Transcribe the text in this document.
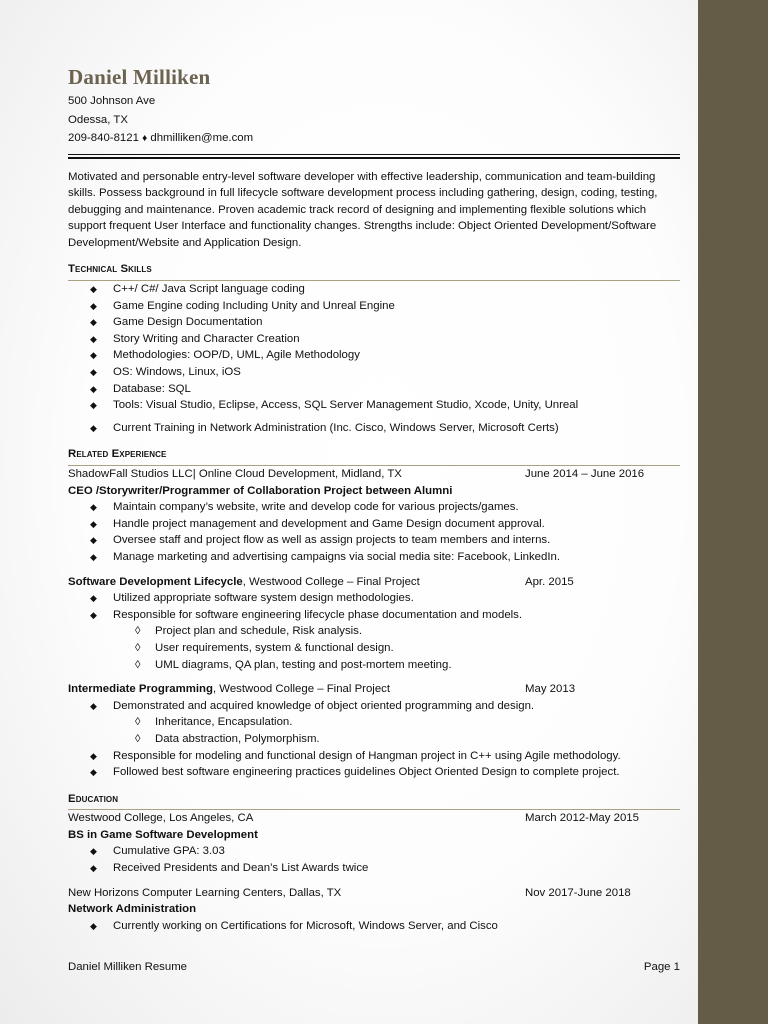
Daniel Milliken
500 Johnson Ave
Odessa, TX
209-840-8121 ♦ dhmilliken@me.com
Motivated and personable entry-level software developer with effective leadership, communication and team-building skills. Possess background in full lifecycle software development process including gathering, design, coding, testing, debugging and maintenance. Proven academic track record of designing and implementing flexible solutions which support frequent User Interface and functionality changes. Strengths include: Object Oriented Development/Software Development/Website and Application Design.
Technical Skills
◆ C++/ C#/ Java Script language coding
◆ Game Engine coding Including Unity and Unreal Engine
◆ Game Design Documentation
◆ Story Writing and Character Creation
◆ Methodologies: OOP/D, UML, Agile Methodology
◆ OS: Windows, Linux, iOS
◆ Database: SQL
◆ Tools: Visual Studio, Eclipse, Access, SQL Server Management Studio, Xcode, Unity, Unreal
◆ Current Training in Network Administration (Inc. Cisco, Windows Server, Microsoft Certs)
Related Experience
ShadowFall Studios LLC| Online Cloud Development, Midland, TX	June 2014 – June 2016
CEO /Storywriter/Programmer of Collaboration Project between Alumni
◆ Maintain company’s website, write and develop code for various projects/games.
◆ Handle project management and development and Game Design document approval.
◆ Oversee staff and project flow as well as assign projects to team members and interns.
◆ Manage marketing and advertising campaigns via social media site: Facebook, LinkedIn.
Software Development Lifecycle, Westwood College – Final Project	Apr. 2015
◆ Utilized appropriate software system design methodologies.
◆ Responsible for software engineering lifecycle phase documentation and models.
◊ Project plan and schedule, Risk analysis.
◊ User requirements, system & functional design.
◊ UML diagrams, QA plan, testing and post-mortem meeting.
Intermediate Programming, Westwood College – Final Project	May 2013
◆ Demonstrated and acquired knowledge of object oriented programming and design.
◊ Inheritance, Encapsulation.
◊ Data abstraction, Polymorphism.
◆ Responsible for modeling and functional design of Hangman project in C++ using Agile methodology.
◆ Followed best software engineering practices guidelines Object Oriented Design to complete project.
Education
Westwood College, Los Angeles, CA	March 2012-May 2015
BS in Game Software Development
◆ Cumulative GPA: 3.03
◆ Received Presidents and Dean’s List Awards twice
New Horizons Computer Learning Centers, Dallas, TX	Nov 2017-June 2018
Network Administration
◆ Currently working on Certifications for Microsoft, Windows Server, and Cisco
Daniel Milliken Resume	Page 1
